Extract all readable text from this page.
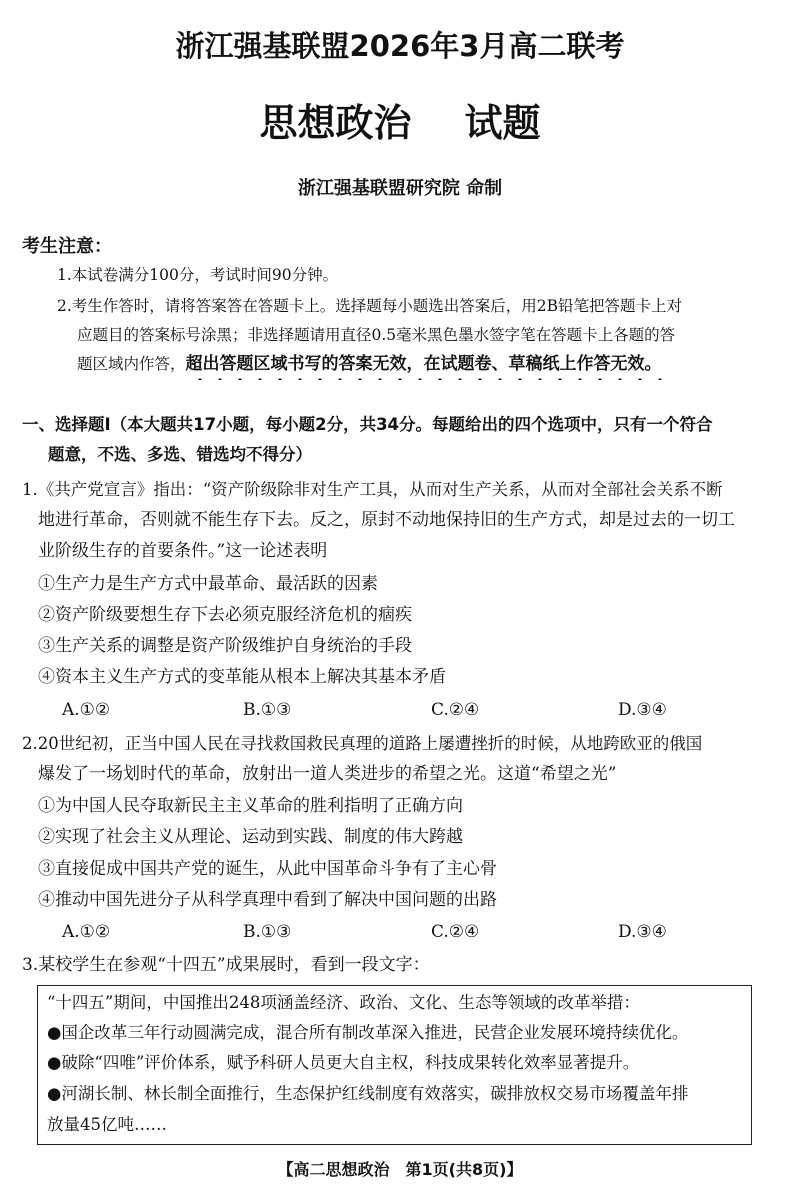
浙江强基联盟2026年3月高二联考
思想政治    试题
浙江强基联盟研究院 命制
考生注意：
1.本试卷满分100分，考试时间90分钟。
2.考生作答时，请将答案答在答题卡上。选择题每小题选出答案后，用2B铅笔把答题卡上对
应题目的答案标号涂黑；非选择题请用直径0.5毫米黑色墨水签字笔在答题卡上各题的答
题区域内作答，超出答题区域书写的答案无效，在试题卷、草稿纸上作答无效。
一、选择题Ⅰ（本大题共17小题，每小题2分，共34分。每题给出的四个选项中，只有一个符合
题意，不选、多选、错选均不得分）
1.《共产党宣言》指出：“资产阶级除非对生产工具，从而对生产关系，从而对全部社会关系不断
地进行革命，否则就不能生存下去。反之，原封不动地保持旧的生产方式，却是过去的一切工
业阶级生存的首要条件。”这一论述表明
①生产力是生产方式中最革命、最活跃的因素
②资产阶级要想生存下去必须克服经济危机的痼疾
③生产关系的调整是资产阶级维护自身统治的手段
④资本主义生产方式的变革能从根本上解决其基本矛盾
A.①②	B.①③	C.②④	D.③④
2.20世纪初，正当中国人民在寻找救国救民真理的道路上屡遭挫折的时候，从地跨欧亚的俄国
爆发了一场划时代的革命，放射出一道人类进步的希望之光。这道“希望之光”
①为中国人民夺取新民主主义革命的胜利指明了正确方向
②实现了社会主义从理论、运动到实践、制度的伟大跨越
③直接促成中国共产党的诞生，从此中国革命斗争有了主心骨
④推动中国先进分子从科学真理中看到了解决中国问题的出路
A.①②	B.①③	C.②④	D.③④
3.某校学生在参观“十四五”成果展时，看到一段文字：
“十四五”期间，中国推出248项涵盖经济、政治、文化、生态等领域的改革举措：
●国企改革三年行动圆满完成，混合所有制改革深入推进，民营企业发展环境持续优化。
●破除“四唯”评价体系，赋予科研人员更大自主权，科技成果转化效率显著提升。
●河湖长制、林长制全面推行，生态保护红线制度有效落实，碳排放权交易市场覆盖年排
放量45亿吨……
【高二思想政治　第1页(共8页)】
